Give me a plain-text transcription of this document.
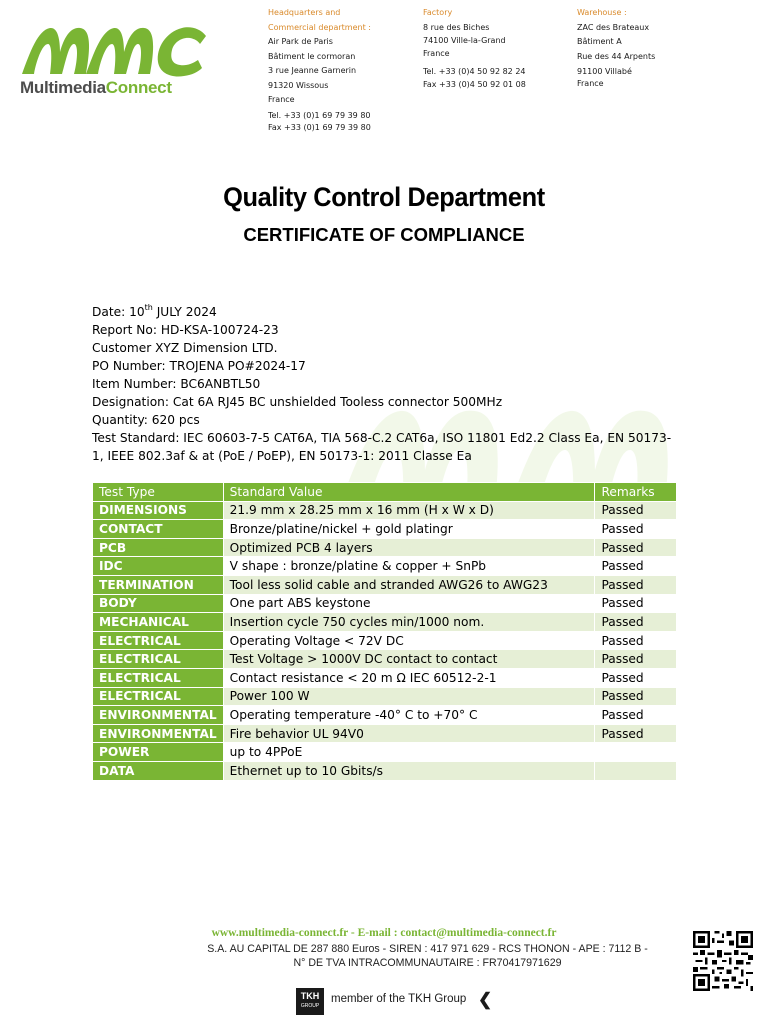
MultimediaConnect
Headquarters and
Commercial department :
Air Park de Paris
Bâtiment le cormoran
3 rue Jeanne Garnerin
91320 Wissous
France
Tel. +33 (0)1 69 79 39 80
Fax +33 (0)1 69 79 39 80
Factory
8 rue des Biches
74100 Ville-la-Grand
France
Tel. +33 (0)4 50 92 82 24
Fax +33 (0)4 50 92 01 08
Warehouse :
ZAC des Brateaux
Bâtiment A
Rue des 44 Arpents
91100 Villabé
France
Quality Control Department
CERTIFICATE OF COMPLIANCE
Date: 10th JULY 2024
Report No: HD-KSA-100724-23
Customer XYZ Dimension LTD.
PO Number: TROJENA PO#2024-17
Item Number: BC6ANBTL50
Designation: Cat 6A RJ45 BC unshielded Tooless connector 500MHz
Quantity: 620 pcs
Test Standard: IEC 60603-7-5 CAT6A, TIA 568-C.2 CAT6a, ISO 11801 Ed2.2 Class Ea, EN 50173-
1, IEEE 802.3af & at (PoE / PoEP), EN 50173-1: 2011 Classe Ea
Test Type	Standard Value	Remarks
DIMENSIONS	21.9 mm x 28.25 mm x 16 mm (H x W x D)	Passed
CONTACT	Bronze/platine/nickel + gold platingr	Passed
PCB	Optimized PCB 4 layers	Passed
IDC	V shape : bronze/platine & copper + SnPb	Passed
TERMINATION	Tool less solid cable and stranded AWG26 to AWG23	Passed
BODY	One part ABS keystone	Passed
MECHANICAL	Insertion cycle 750 cycles min/1000 nom.	Passed
ELECTRICAL	Operating Voltage < 72V DC	Passed
ELECTRICAL	Test Voltage > 1000V DC contact to contact	Passed
ELECTRICAL	Contact resistance < 20 m Ω IEC 60512-2-1	Passed
ELECTRICAL	Power 100 W	Passed
ENVIRONMENTAL	Operating temperature -40° C to +70° C	Passed
ENVIRONMENTAL	Fire behavior UL 94V0	Passed
POWER	up to 4PPoE	
DATA	Ethernet up to 10 Gbits/s	
www.multimedia-connect.fr - E-mail : contact@multimedia-connect.fr
S.A. AU CAPITAL DE 287 880 Euros - SIREN : 417 971 629 - RCS THONON - APE : 7112 B -
N° DE TVA INTRACOMMUNAUTAIRE : FR70417971629
TKH
GROUP
member of the TKH Group ❮
